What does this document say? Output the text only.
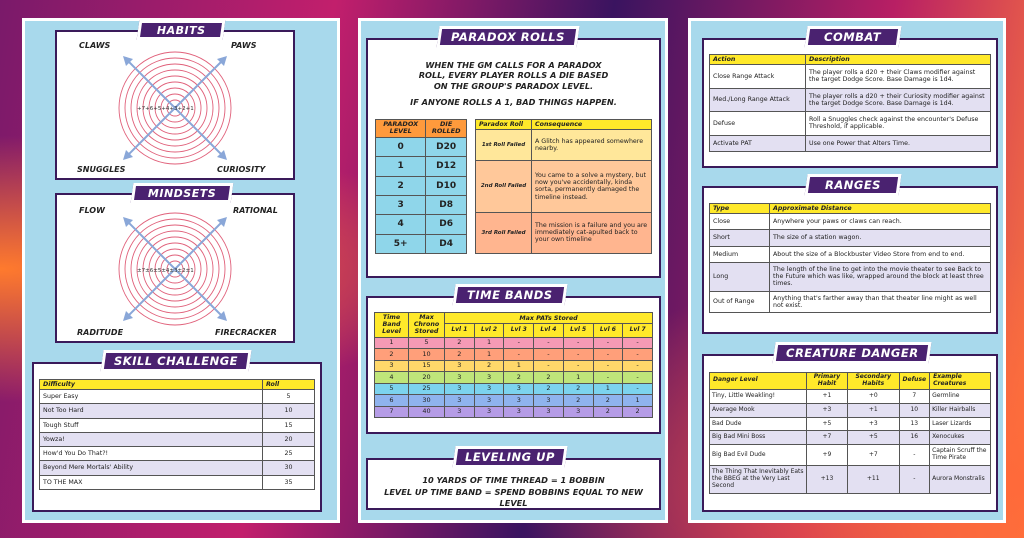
+7+6+5+4+3+2+1
CLAWS	PAWS
SNUGGLES	CURIOSITY
HABITS
±7±6±5±4±3±2±1
FLOW	RATIONAL
RADITUDE	FIRECRACKER
MINDSETS
Difficulty	Roll
Super Easy	5
Not Too Hard	10
Tough Stuff	15
Yowza!	20
How'd You Do That?!	25
Beyond Mere Mortals' Ability	30
TO THE MAX	35
SKILL CHALLENGE
WHEN THE GM CALLS FOR A PARADOX ROLL, EVERY PLAYER ROLLS A DIE BASED ON THE GROUP'S PARADOX LEVEL.
IF ANYONE ROLLS A 1, BAD THINGS HAPPEN.
PARADOX LEVEL	DIE ROLLED
0	D20
1	D12
2	D10
3	D8
4	D6
5+	D4
Paradox Roll	Consequence
1st Roll Failed	A Glitch has appeared somewhere nearby.
2nd Roll Failed	You came to a solve a mystery, but now you've accidentally, kinda sorta, permanently damaged the timeline instead.
3rd Roll Failed	The mission is a failure and you are immediately cat-apulted back to your own timeline
PARADOX ROLLS
Time Band Level	Max Chrono Stored	Max PATs Stored						
		Lvl 1	Lvl 2	Lvl 3	Lvl 4	Lvl 5	Lvl 6	Lvl 7
1	5	2	1	-	-	-	-	-
2	10	2	1	-	-	-	-	-
3	15	3	2	1	-	-	-	-
4	20	3	3	2	2	1	-	-
5	25	3	3	3	2	2	1	-
6	30	3	3	3	3	2	2	1
7	40	3	3	3	3	3	2	2
TIME BANDS
10 YARDS OF TIME THREAD = 1 BOBBIN
LEVEL UP TIME BAND = SPEND BOBBINS EQUAL TO NEW LEVEL
LEVELING UP
Action	Description
Close Range Attack	The player rolls a d20 + their Claws modifier against the target Dodge Score. Base Damage is 1d4.
Med./Long Range Attack	The player rolls a d20 + their Curiosity modifier against the target Dodge Score. Base Damage is 1d4.
Defuse	Roll a Snuggles check against the encounter's Defuse Threshold, if applicable.
Activate PAT	Use one Power that Alters Time.
COMBAT
Type	Approximate Distance
Close	Anywhere your paws or claws can reach.
Short	The size of a station wagon.
Medium	About the size of a Blockbuster Video Store from end to end.
Long	The length of the line to get into the movie theater to see Back to the Future which was like, wrapped around the block at least three times.
Out of Range	Anything that's farther away than that theater line might as well not exist.
RANGES
Danger Level	Primary Habit	Secondary Habits	Defuse	Example Creatures
Tiny, Little Weakling!	+1	+0	7	Germline
Average Mook	+3	+1	10	Killer Hairballs
Bad Dude	+5	+3	13	Laser Lizards
Big Bad Mini Boss	+7	+5	16	Xenocukes
Big Bad Evil Dude	+9	+7	-	Captain Scruff the Time Pirate
The Thing That Inevitably Eats the BBEG at the Very Last Second	+13	+11	-	Aurora Monstralis
CREATURE DANGER
